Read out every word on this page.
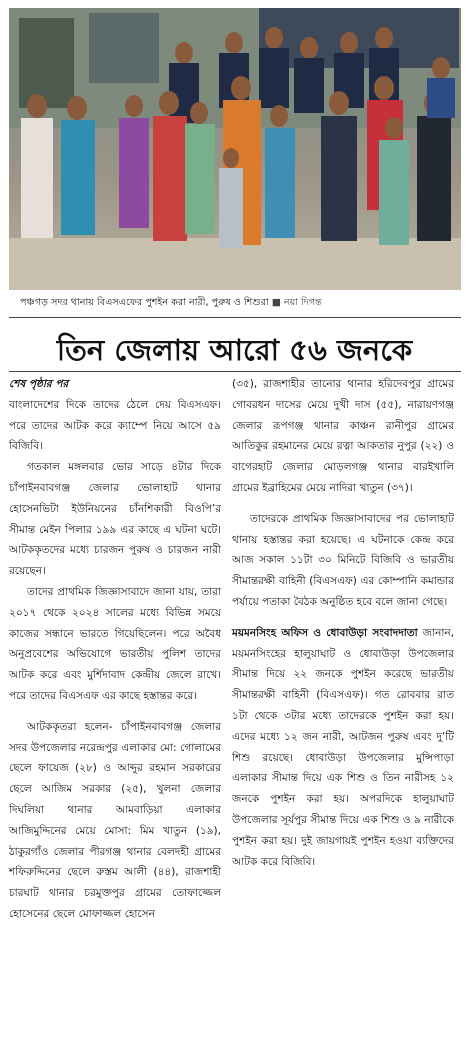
পঞ্চগড় সদর থানায় বিএসএফের পুশইন করা নারী, পুরুষ ও শিশুরা ■ নয়া দিগন্ত
তিন জেলায় আরো ৫৬ জনকে

শেষ পৃষ্ঠার পর

বাংলাদেশের দিকে তাদের ঠেলে দেয় বিএসএফ। পরে তাদের আটক করে ক্যাম্পে নিয়ে আসে ৫৯ বিজিবি।

গতকাল মঙ্গলবার ভোর সাড়ে ৪টার দিকে চাঁপাইনবাবগঞ্জ জেলার ভোলাহাট থানার হোসেনভিটা ইউনিয়নের চাঁনশিকারী বিওপি’র সীমান্ত মেইন পিলার ১৯৯ এর কাছে এ ঘটনা ঘটে। আটককৃতদের মধ্যে চারজন পুরুষ ও চারজন নারী রয়েছেন।

তাদের প্রাথমিক জিজ্ঞাসাবাদে জানা যায়, তারা ২০১৭ থেকে ২০২৪ সালের মধ্যে বিভিন্ন সময়ে কাজের সন্ধানে ভারতে গিয়েছিলেন। পরে অবৈধ অনুপ্রবেশের অভিযোগে ভারতীয় পুলিশ তাদের আটক করে এবং মুর্শিদাবাদ কেন্দ্রীয় জেলে রাখে। পরে তাদের বিএসএফ এর কাছে হস্তান্তর করে।

আটককৃতরা হলেন- চাঁপাইনবাবগঞ্জ জেলার সদর উপজেলার নরেন্দ্রপুর এলাকার মো: গোলামের ছেলে ফায়েজ (২৮) ও আব্দুর রহমান সরকারের ছেলে আজিম সরকার (২৫), খুলনা জেলার দিঘলিয়া থানার আমবাড়িয়া এলাকার আজিমুদ্দিনের মেয়ে মোসা: মিম খাতুন (১৯), ঠাকুরগাঁও জেলার পীরগঞ্জ থানার বেলদহী গ্রামের শফিরুদ্দিনের ছেলে রুস্তম আলী (৪৪), রাজশাহী চারঘাট থানার চরমুক্তপুর গ্রামের তোফাজ্জেল হোসেনের ছেলে মোফাজ্জল হোসেন

(৩৫), রাজশাহীর তানোর থানার হরিদেবপুর গ্রামের গোবরধন দাসের মেয়ে দুখী দাস (৫৫), নারায়ণগঞ্জ জেলার রূপগঞ্জ থানার কাঞ্চন রানীপুর গ্রামের আতিকুর রহমানের মেয়ে রত্না আকতার নুপুর (২২) ও বাগেরহাট জেলার মোড়লগঞ্জ থানার বারইখালি গ্রামের ইব্রাহিমের মেয়ে নাদিরা খাতুন (৩৭)।

তাদেরকে প্রাথমিক জিজ্ঞাসাবাদের পর ভোলাহাট থানায় হস্তান্তর করা হয়েছে। এ ঘটনাকে কেন্দ্র করে আজ সকাল ১১টা ৩০ মিনিটে বিজিবি ও ভারতীয় সীমান্তরক্ষী বাহিনী (বিএসএফ) এর কোম্পানি কমান্ডার পর্যায়ে পতাকা বৈঠক অনুষ্ঠিত হবে বলে জানা গেছে।

ময়মনসিংহ অফিস ও ধোবাউড়া সংবাদদাতা জানান, ময়মনসিংহের হালুয়াঘাট ও ধোবাউড়া উপজেলার সীমান্ত দিয়ে ২২ জনকে পুশইন করেছে ভারতীয় সীমান্তরক্ষী বাহিনী (বিএসএফ)। গত রোববার রাত ১টা থেকে ৩টার মধ্যে তাদেরকে পুশইন করা হয়। এদের মধ্যে ১২ জন নারী, আটজন পুরুষ এবং দু’টি শিশু রয়েছে। ধোবাউড়া উপজেলার মুন্সিপাড়া এলাকার সীমান্ত দিয়ে এক শিশু ও তিন নারীসহ ১২ জনকে পুশইন করা হয়। অপরদিকে হালুয়াঘাট উপজেলার সূর্যপুর সীমান্ত দিয়ে এক শিশু ও ৯ নারীকে পুশইন করা হয়। দুই জায়গায়ই পুশইন হওয়া ব্যক্তিদের আটক করে বিজিবি।
